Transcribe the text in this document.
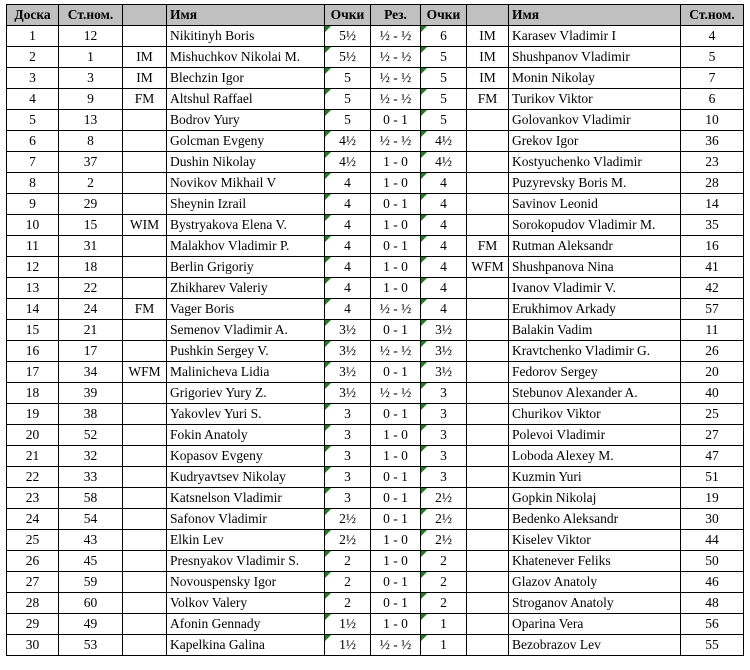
Доска	Ст.ном.		Имя	Очки	Рез.	Очки		Имя	Ст.ном.
1	12		Nikitinyh Boris	5½	½ - ½	6	IM	Karasev Vladimir I	4
2	1	IM	Mishuchkov Nikolai M.	5½	½ - ½	5	IM	Shushpanov Vladimir	5
3	3	IM	Blechzin Igor	5	½ - ½	5	IM	Monin Nikolay	7
4	9	FM	Altshul Raffael	5	½ - ½	5	FM	Turikov Viktor	6
5	13		Bodrov Yury	5	0 - 1	5		Golovankov Vladimir	10
6	8		Golcman Evgeny	4½	½ - ½	4½		Grekov Igor	36
7	37		Dushin Nikolay	4½	1 - 0	4½		Kostyuchenko Vladimir	23
8	2		Novikov Mikhail V	4	1 - 0	4		Puzyrevsky Boris M.	28
9	29		Sheynin Izrail	4	0 - 1	4		Savinov Leonid	14
10	15	WIM	Bystryakova Elena V.	4	1 - 0	4		Sorokopudov Vladimir M.	35
11	31		Malakhov Vladimir P.	4	0 - 1	4	FM	Rutman Aleksandr	16
12	18		Berlin Grigoriy	4	1 - 0	4	WFM	Shushpanova Nina	41
13	22		Zhikharev Valeriy	4	1 - 0	4		Ivanov Vladimir V.	42
14	24	FM	Vager Boris	4	½ - ½	4		Erukhimov Arkady	57
15	21		Semenov Vladimir A.	3½	0 - 1	3½		Balakin Vadim	11
16	17		Pushkin Sergey V.	3½	½ - ½	3½		Kravtchenko Vladimir G.	26
17	34	WFM	Malinicheva Lidia	3½	0 - 1	3½		Fedorov Sergey	20
18	39		Grigoriev Yury Z.	3½	½ - ½	3		Stebunov Alexander A.	40
19	38		Yakovlev Yuri S.	3	0 - 1	3		Churikov Viktor	25
20	52		Fokin Anatoly	3	1 - 0	3		Polevoi Vladimir	27
21	32		Kopasov Evgeny	3	1 - 0	3		Loboda Alexey M.	47
22	33		Kudryavtsev Nikolay	3	0 - 1	3		Kuzmin Yuri	51
23	58		Katsnelson Vladimir	3	0 - 1	2½		Gopkin Nikolaj	19
24	54		Safonov Vladimir	2½	0 - 1	2½		Bedenko Aleksandr	30
25	43		Elkin Lev	2½	1 - 0	2½		Kiselev Viktor	44
26	45		Presnyakov Vladimir S.	2	1 - 0	2		Khatenever Feliks	50
27	59		Novouspensky Igor	2	0 - 1	2		Glazov Anatoly	46
28	60		Volkov Valery	2	0 - 1	2		Stroganov Anatoly	48
29	49		Afonin Gennady	1½	1 - 0	1		Oparina Vera	56
30	53		Kapelkina Galina	1½	½ - ½	1		Bezobrazov Lev	55
